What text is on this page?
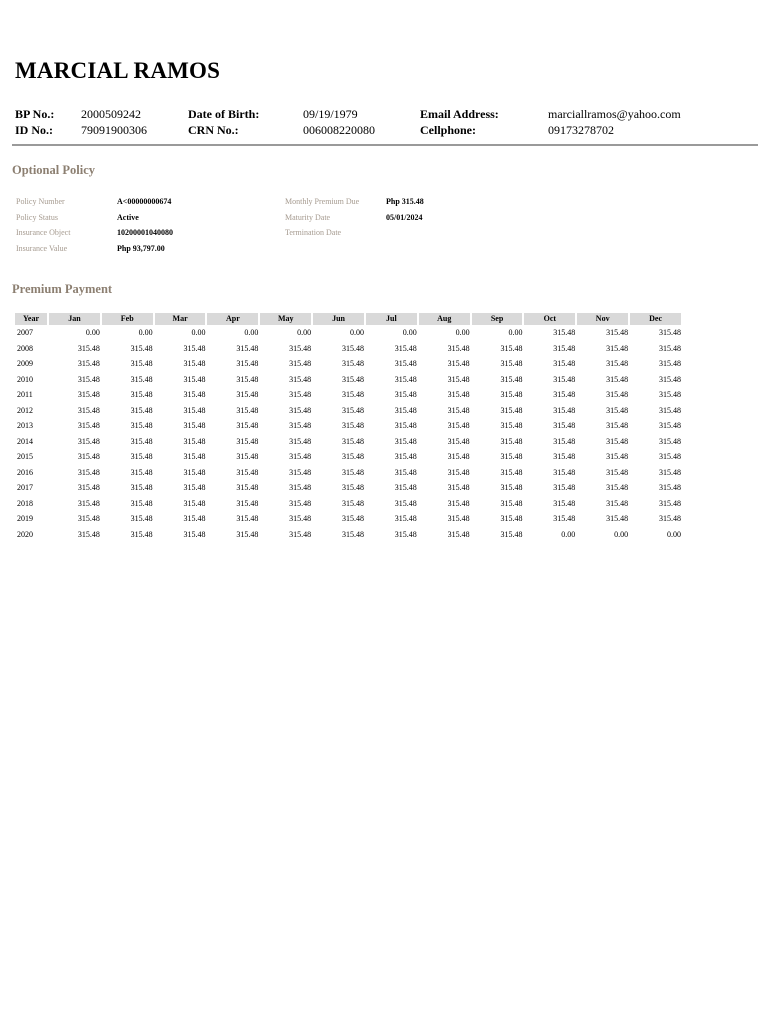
MARCIAL RAMOS
BP No.: 2000509242
ID No.: 79091900306
Date of Birth:	09/19/1979
CRN No.:	006008220080
Email Address:	marciallramos@yahoo.com
Cellphone:	09173278702
Optional Policy
Policy Number	A<00000000674
Policy Status	Active
Insurance Object	10200001040080
Insurance Value	Php 93,797.00
Monthly Premium Due	Php 315.48
Maturity Date	05/01/2024
Termination Date
Premium Payment
Year	Jan	Feb	Mar	Apr	May	Jun	Jul	Aug	Sep	Oct	Nov	Dec
2007	0.00	0.00	0.00	0.00	0.00	0.00	0.00	0.00	0.00	315.48	315.48	315.48
2008	315.48	315.48	315.48	315.48	315.48	315.48	315.48	315.48	315.48	315.48	315.48	315.48
2009	315.48	315.48	315.48	315.48	315.48	315.48	315.48	315.48	315.48	315.48	315.48	315.48
2010	315.48	315.48	315.48	315.48	315.48	315.48	315.48	315.48	315.48	315.48	315.48	315.48
2011	315.48	315.48	315.48	315.48	315.48	315.48	315.48	315.48	315.48	315.48	315.48	315.48
2012	315.48	315.48	315.48	315.48	315.48	315.48	315.48	315.48	315.48	315.48	315.48	315.48
2013	315.48	315.48	315.48	315.48	315.48	315.48	315.48	315.48	315.48	315.48	315.48	315.48
2014	315.48	315.48	315.48	315.48	315.48	315.48	315.48	315.48	315.48	315.48	315.48	315.48
2015	315.48	315.48	315.48	315.48	315.48	315.48	315.48	315.48	315.48	315.48	315.48	315.48
2016	315.48	315.48	315.48	315.48	315.48	315.48	315.48	315.48	315.48	315.48	315.48	315.48
2017	315.48	315.48	315.48	315.48	315.48	315.48	315.48	315.48	315.48	315.48	315.48	315.48
2018	315.48	315.48	315.48	315.48	315.48	315.48	315.48	315.48	315.48	315.48	315.48	315.48
2019	315.48	315.48	315.48	315.48	315.48	315.48	315.48	315.48	315.48	315.48	315.48	315.48
2020	315.48	315.48	315.48	315.48	315.48	315.48	315.48	315.48	315.48	0.00	0.00	0.00
